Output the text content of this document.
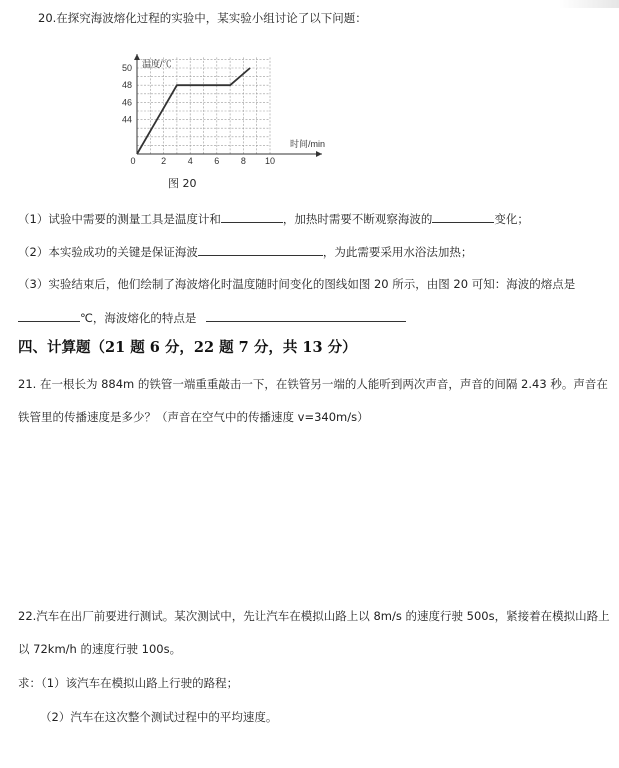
20.在探究海波熔化过程的实验中，某实验小组讨论了以下问题：
温度/℃
时间/min
0	2 4 6 8 10
44
46
48
50
图 20
（1）试验中需要的测量工具是温度计和	，加热时需要不断观察海波的	变化；
（2）本实验成功的关键是保证海波	，为此需要采用水浴法加热；
（3）实验结束后，他们绘制了海波熔化时温度随时间变化的图线如图 20 所示，由图 20 可知：海波的熔点是
℃，海波熔化的特点是
四、计算题（21 题 6 分，22 题 7 分，共 13 分）
21. 在一根长为 884m 的铁管一端重重敲击一下，在铁管另一端的人能听到两次声音，声音的间隔 2.43 秒。声音在
铁管里的传播速度是多少？（声音在空气中的传播速度 v=340m/s）
22.汽车在出厂前要进行测试。某次测试中，先让汽车在模拟山路上以 8m/s 的速度行驶 500s，紧接着在模拟山路上
以 72km/h 的速度行驶 100s。
求：（1）该汽车在模拟山路上行驶的路程；
（2）汽车在这次整个测试过程中的平均速度。
